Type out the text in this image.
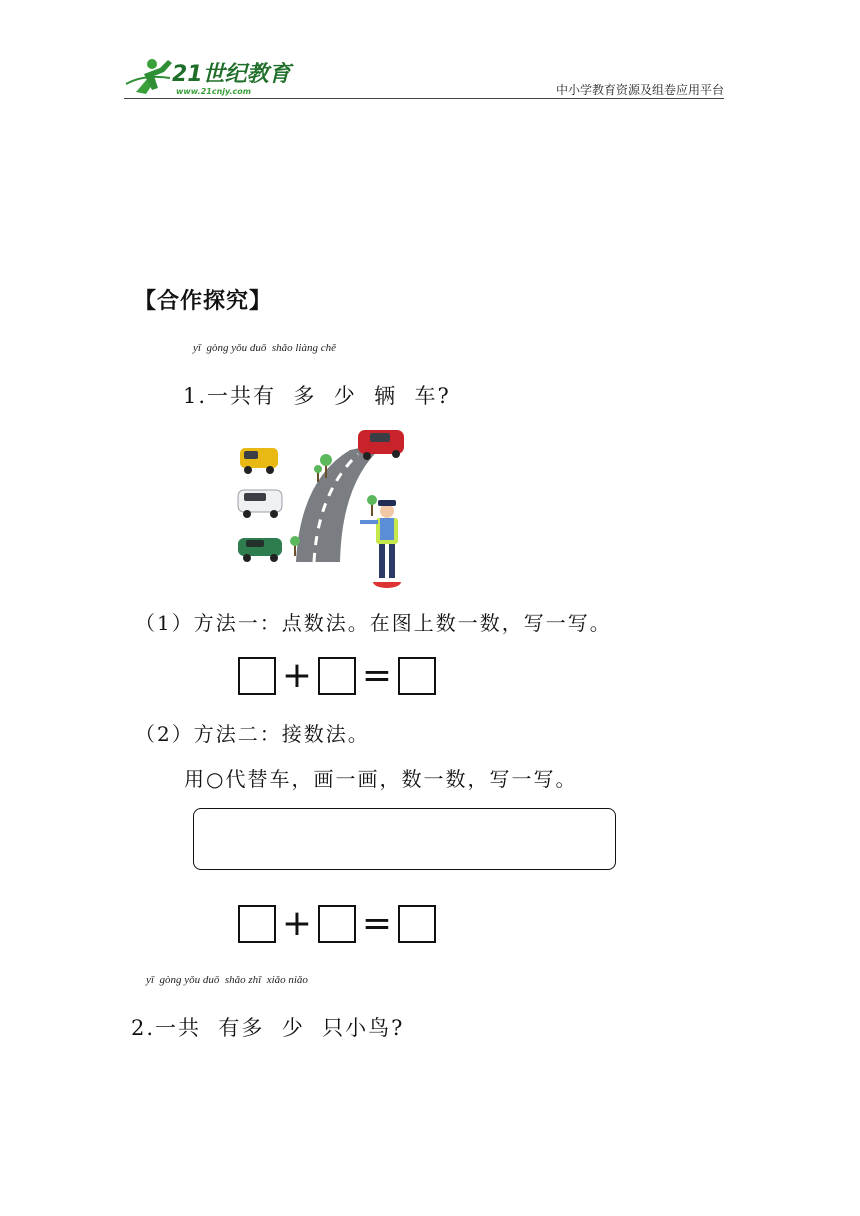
21世纪教育
www.21cnjy.com	中小学教育资源及组卷应用平台
【合作探究】
yī  gòng yǒu duō  shǎo liàng chē
1.一共有  多  少  辆  车?
（1）方法一：点数法。在图上数一数，写一写。
+ =
（2）方法二：接数法。
用○代替车，画一画，数一数，写一写。
+ =
yī  gòng yǒu duō  shǎo zhī  xiǎo niǎo
2.一共  有多  少  只小鸟?
